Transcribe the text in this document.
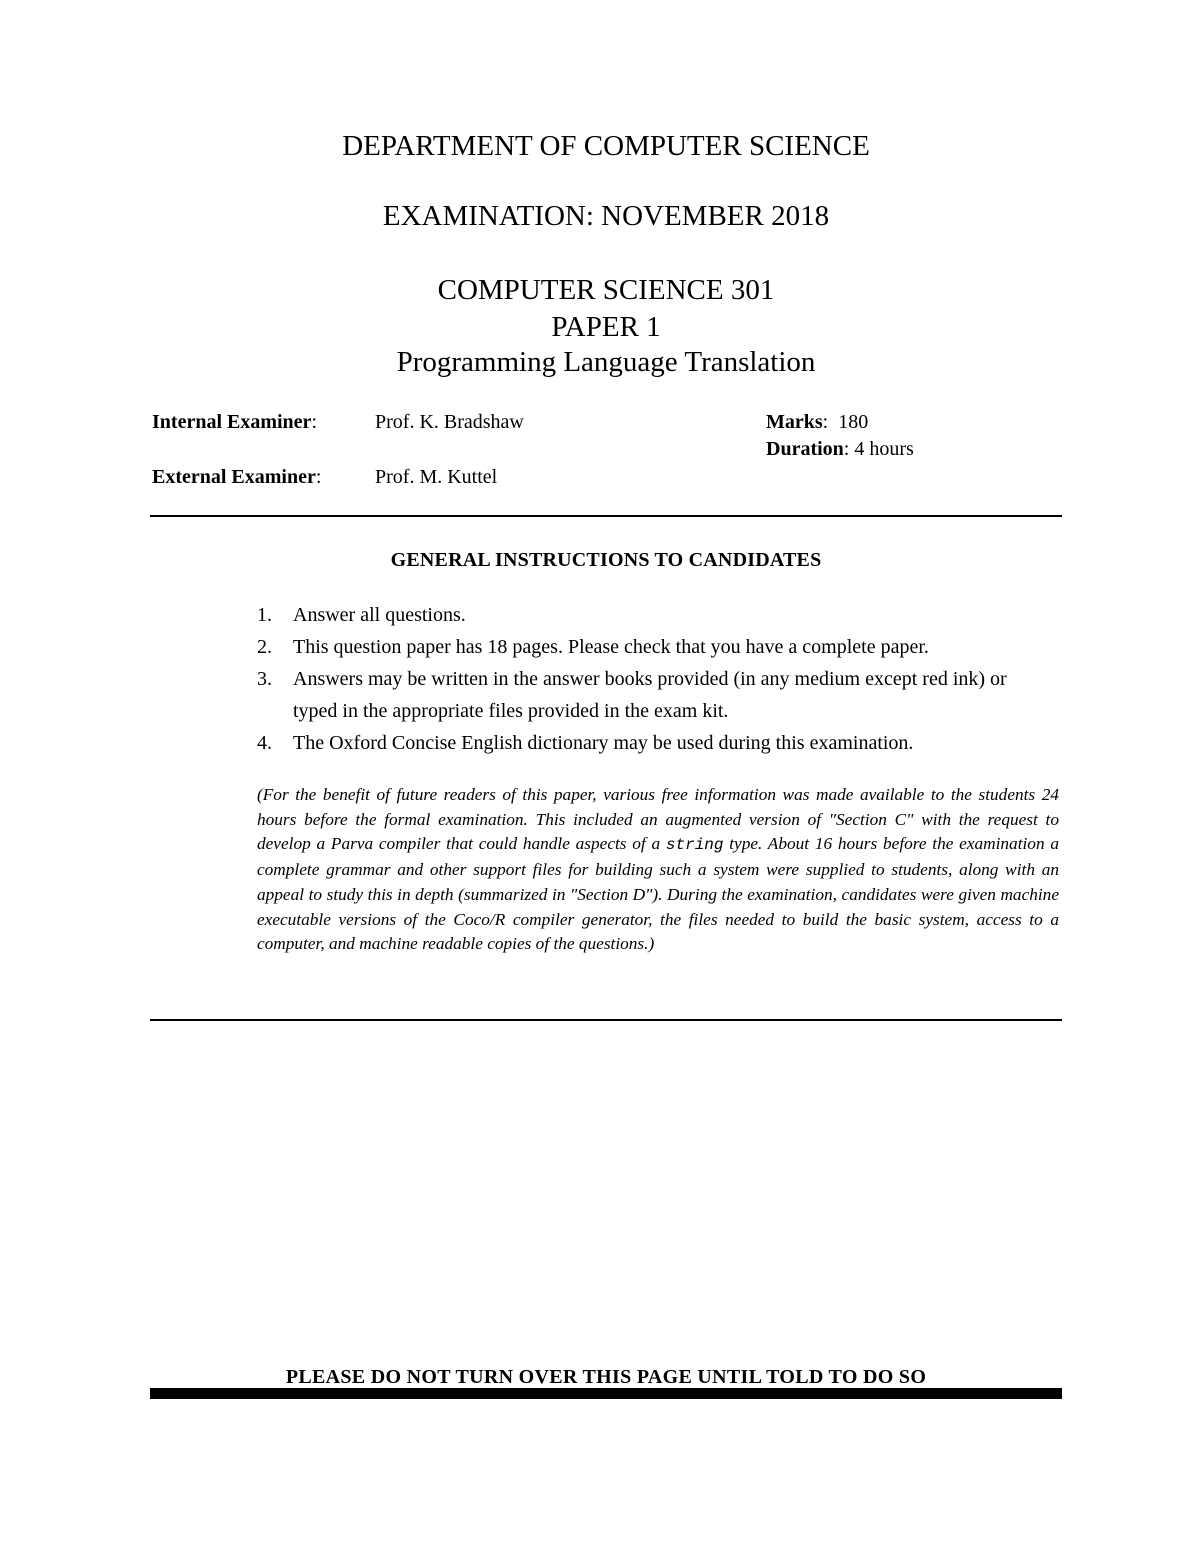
DEPARTMENT OF COMPUTER SCIENCE
EXAMINATION: NOVEMBER 2018
COMPUTER SCIENCE 301
PAPER 1
Programming Language Translation
Internal Examiner:	Prof. K. Bradshaw
External Examiner:	Prof. M. Kuttel
Marks: 180
Duration: 4 hours
GENERAL INSTRUCTIONS TO CANDIDATES
1.	Answer all questions.
2.	This question paper has 18 pages. Please check that you have a complete paper.
3.	Answers may be written in the answer books provided (in any medium except red ink) or typed in the appropriate files provided in the exam kit.
4.	The Oxford Concise English dictionary may be used during this examination.
(For the benefit of future readers of this paper, various free information was made available to the students 24 hours before the formal examination. This included an augmented version of "Section C" with the request to develop a Parva compiler that could handle aspects of a string type. About 16 hours before the examination a complete grammar and other support files for building such a system were supplied to students, along with an appeal to study this in depth (summarized in "Section D"). During the examination, candidates were given machine executable versions of the Coco/R compiler generator, the files needed to build the basic system, access to a computer, and machine readable copies of the questions.)
PLEASE DO NOT TURN OVER THIS PAGE UNTIL TOLD TO DO SO
